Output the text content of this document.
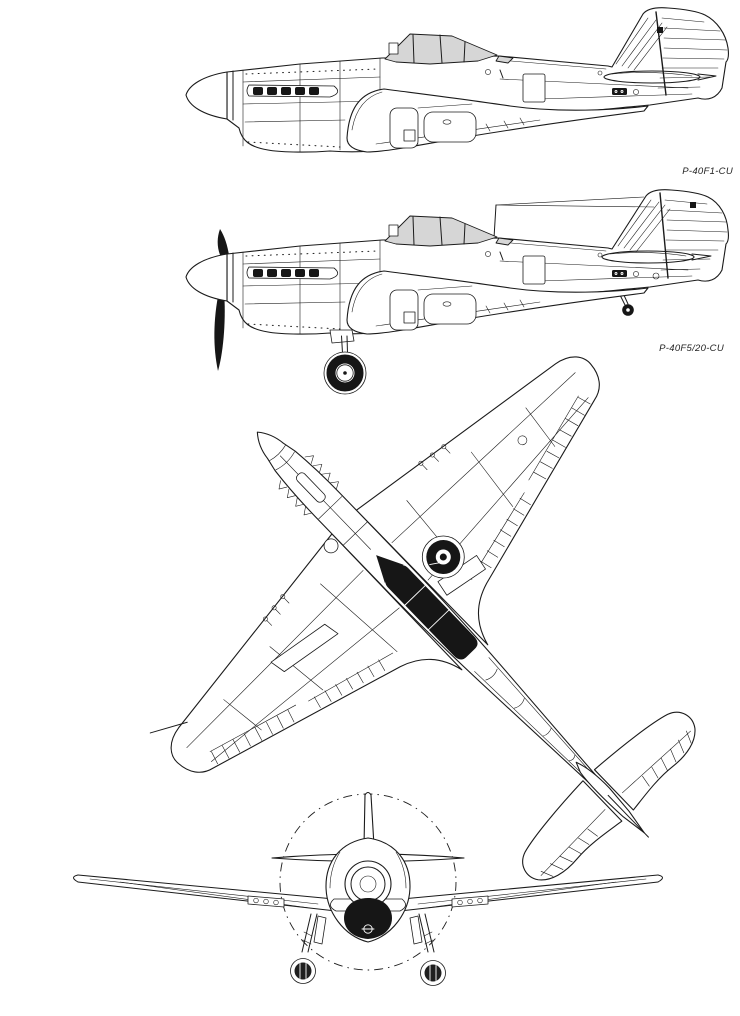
P-40F1-CU
P-40F5/20-CU
